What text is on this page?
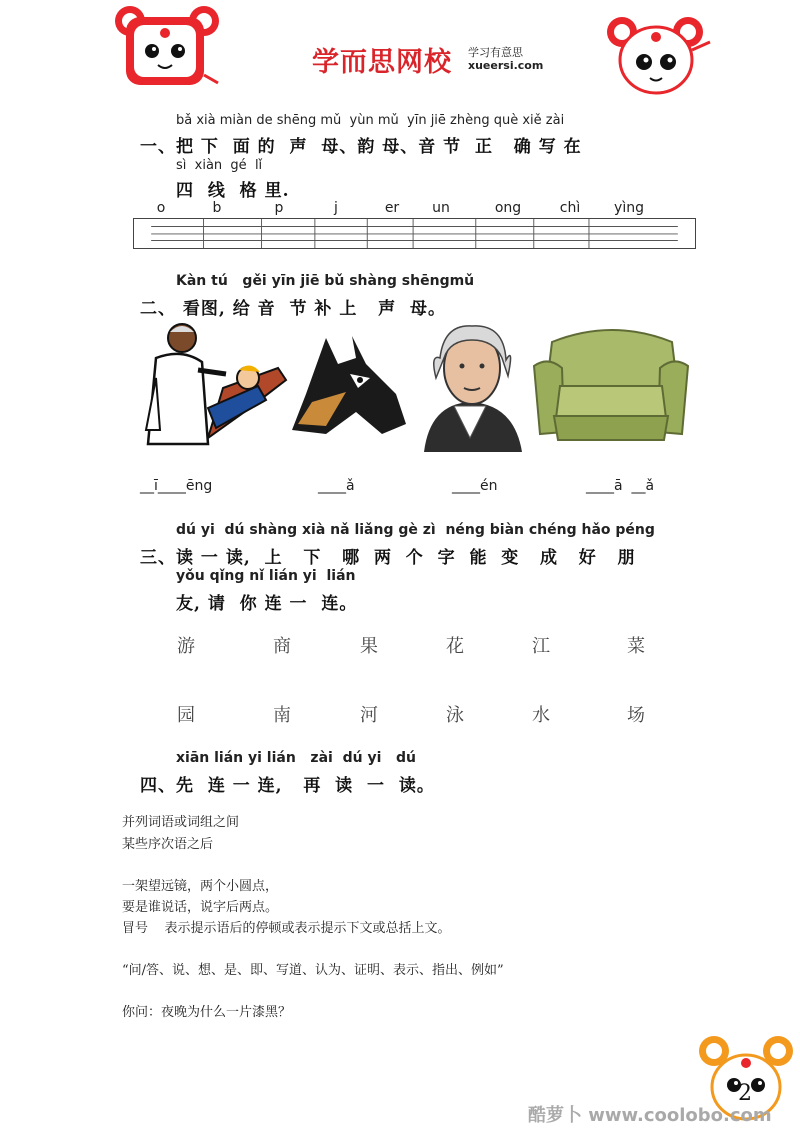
学而思网校 学习有意思
xueersi.com
bǎ xià miàn de shēng mǔ  yùn mǔ  yīn jiē zhèng què xiě zài
一、把 下  面 的  声  母、韵 母、音 节  正   确 写 在
sì  xiàn  gé  lǐ
四  线  格 里.
o	b	p	j	er	un	ong	chì	yìng
Kàn tú   gěi yīn jiē bǔ shàng shēngmǔ
二、 看图, 给 音  节 补 上   声  母。
__ī____ēng	____ǎ	____én	____ā  __ǎ
dú yi  dú shàng xià nǎ liǎng gè zì  néng biàn chéng hǎo péng
三、读 一 读,  上   下   哪  两  个  字  能  变   成   好   朋
yǒu qǐng nǐ lián yi  lián
友, 请  你 连 一  连。
游	商	果	花	江	菜
园	南	河	泳	水	场
xiān lián yi lián   zài  dú yi   dú
四、先  连 一 连,   再  读  一  读。
并列词语或词组之间
某些序次语之后
一架望远镜，两个小圆点，
要是谁说话，说字后两点。
冒号    表示提示语后的停顿或表示提示下文或总括上文。
“问/答、说、想、是、即、写道、认为、证明、表示、指出、例如”
你问：夜晚为什么一片漆黑？
2
酷萝卜 www.coolobo.com
